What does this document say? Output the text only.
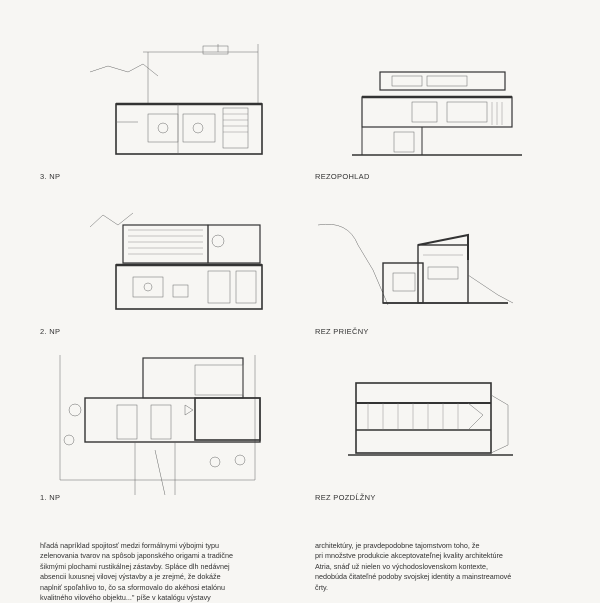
3. NP	REZOPOHLAD
2. NP	REZ PRIEČNY
1. NP	REZ POZDĹŽNY
hľadá napríklad spojitosť medzi formálnymi výbojmi typu
zelenovania tvarov na spôsob japonského origami a tradične
šikmými plochami rustikálnej zástavby. Spláce dlh nedávnej
absencii luxusnej vilovej výstavby a je zrejmé, že dokáže
naplniť spoľahlivo to, čo sa sformovalo do akéhosi etalónu
kvalitného vilového objektu..." píše v katalógu výstavy
architektúry, je pravdepodobne tajomstvom toho, že
pri množstve produkcie akceptovateľnej kvality architektúre
Atria, snáď už nielen vo východoslovenskom kontexte,
nedobúda čitateľné podoby svojskej identity a mainstreamové
črty.
